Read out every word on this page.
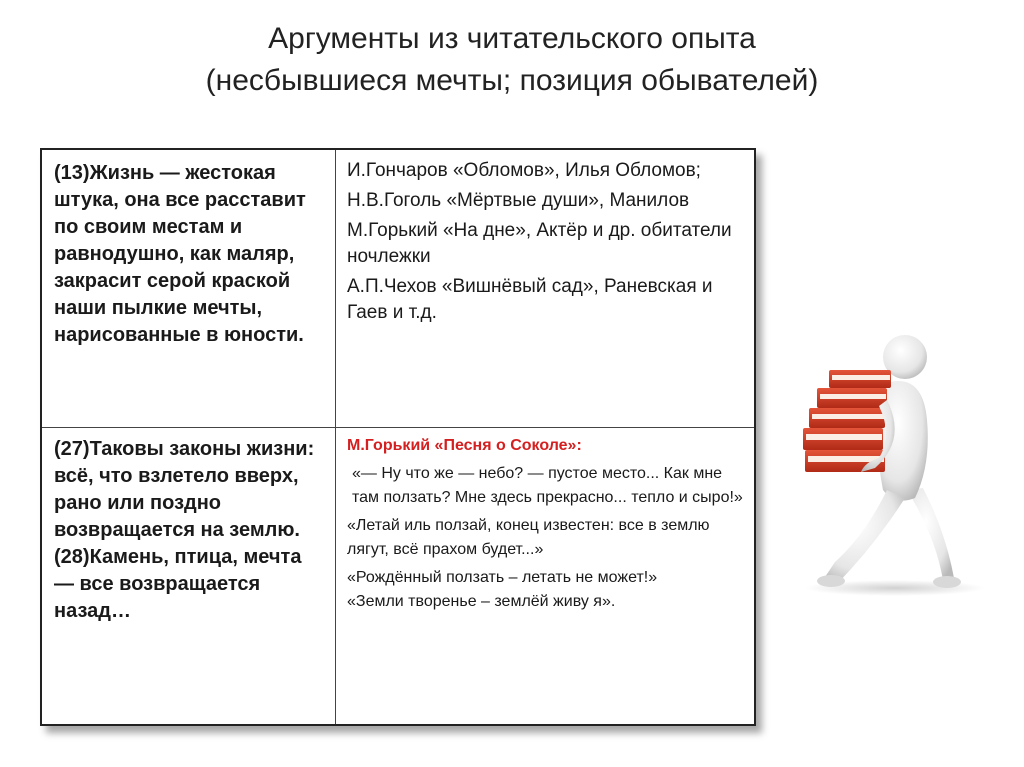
Аргументы из читательского опыта
(несбывшиеся мечты; позиция обывателей)
(13)Жизнь — жестокая штука, она все расставит по своим местам и равнодушно, как маляр, закрасит серой краской наши пылкие мечты, нарисованные в юности.

И.Гончаров «Обломов», Илья Обломов;

Н.В.Гоголь «Мёртвые души», Манилов

М.Горький «На дне», Актёр и др. обитатели ночлежки

А.П.Чехов «Вишнёвый сад», Раневская и Гаев и т.д.

(27)Таковы законы жизни: всё, что взлетело вверх, рано или поздно возвращается на землю. (28)Камень, птица, мечта — все возвращается назад…
М.Горький «Песня о Соколе»:

«— Ну что же — небо? — пустое место... Как мне там ползать? Мне здесь прекрасно... тепло и сыро!»

«Летай иль ползай, конец известен: все в землю лягут, всё прахом будет...»

«Рождённый ползать – летать не может!»

«Земли творенье – землёй живу я».
